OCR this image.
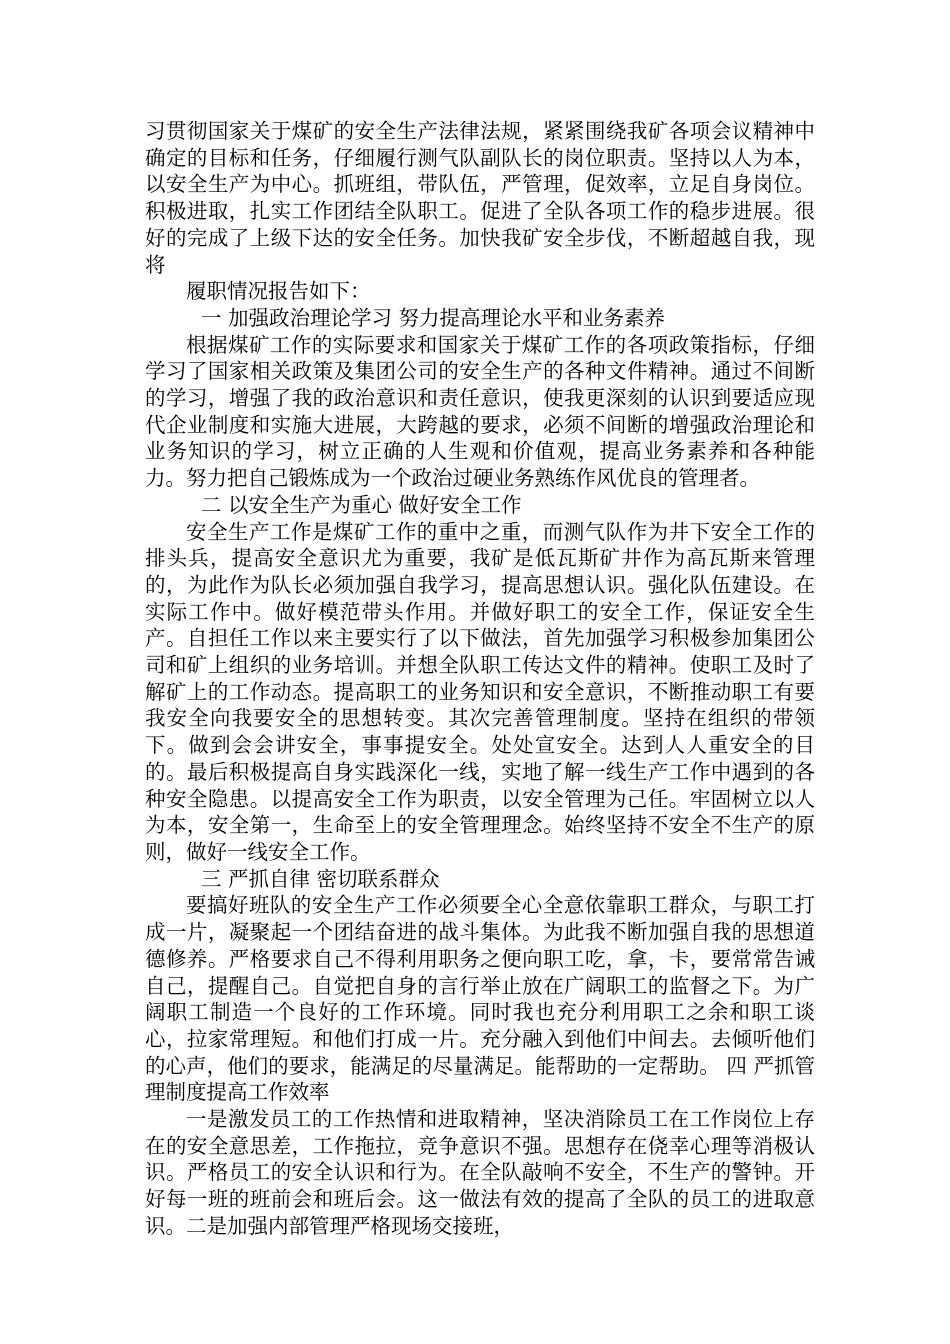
习贯彻国家关于煤矿的安全生产法律法规，紧紧围绕我矿各项会议精神中确定的目标和任务，仔细履行测气队副队长的岗位职责。坚持以人为本，以安全生产为中心。抓班组，带队伍，严管理，促效率，立足自身岗位。积极进取，扎实工作团结全队职工。促进了全队各项工作的稳步进展。很好的完成了上级下达的安全任务。加快我矿安全步伐，不断超越自我，现将

履职情况报告如下：

一 加强政治理论学习 努力提高理论水平和业务素养

根据煤矿工作的实际要求和国家关于煤矿工作的各项政策指标，仔细学习了国家相关政策及集团公司的安全生产的各种文件精神。通过不间断的学习，增强了我的政治意识和责任意识，使我更深刻的认识到要适应现代企业制度和实施大进展，大跨越的要求，必须不间断的增强政治理论和业务知识的学习，树立正确的人生观和价值观，提高业务素养和各种能力。努力把自己锻炼成为一个政治过硬业务熟练作风优良的管理者。

二 以安全生产为重心 做好安全工作

安全生产工作是煤矿工作的重中之重，而测气队作为井下安全工作的排头兵，提高安全意识尤为重要，我矿是低瓦斯矿井作为高瓦斯来管理的，为此作为队长必须加强自我学习，提高思想认识。强化队伍建设。在实际工作中。做好模范带头作用。并做好职工的安全工作，保证安全生产。自担任工作以来主要实行了以下做法，首先加强学习积极参加集团公司和矿上组织的业务培训。并想全队职工传达文件的精神。使职工及时了解矿上的工作动态。提高职工的业务知识和安全意识，不断推动职工有要我安全向我要安全的思想转变。其次完善管理制度。坚持在组织的带领下。做到会会讲安全，事事提安全。处处宣安全。达到人人重安全的目的。最后积极提高自身实践深化一线，实地了解一线生产工作中遇到的各种安全隐患。以提高安全工作为职责，以安全管理为己任。牢固树立以人为本，安全第一，生命至上的安全管理理念。始终坚持不安全不生产的原则，做好一线安全工作。

三 严抓自律 密切联系群众

要搞好班队的安全生产工作必须要全心全意依靠职工群众，与职工打成一片，凝聚起一个团结奋进的战斗集体。为此我不断加强自我的思想道德修养。严格要求自己不得利用职务之便向职工吃，拿，卡，要常常告诫自己，提醒自己。自觉把自身的言行举止放在广阔职工的监督之下。为广阔职工制造一个良好的工作环境。同时我也充分利用职工之余和职工谈心，拉家常理短。和他们打成一片。充分融入到他们中间去。去倾听他们的心声，他们的要求，能满足的尽量满足。能帮助的一定帮助。 四 严抓管理制度提高工作效率

一是激发员工的工作热情和进取精神，坚决消除员工在工作岗位上存在的安全意思差，工作拖拉，竞争意识不强。思想存在侥幸心理等消极认识。严格员工的安全认识和行为。在全队敲响不安全，不生产的警钟。开好每一班的班前会和班后会。这一做法有效的提高了全队的员工的进取意识。二是加强内部管理严格现场交接班，
